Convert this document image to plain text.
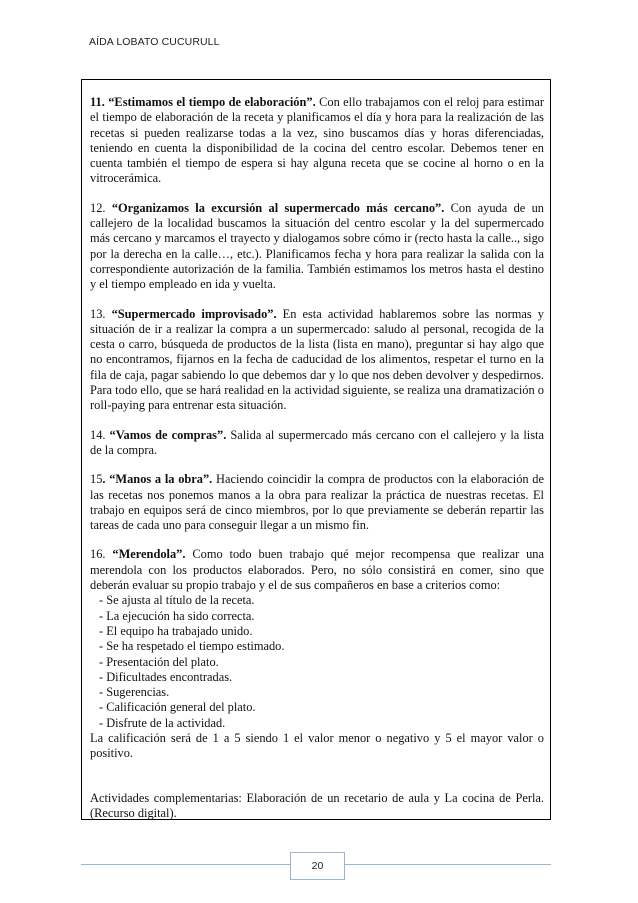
AÍDA LOBATO CUCURULL

11. “Estimamos el tiempo de elaboración”. Con ello trabajamos con el reloj para estimar el tiempo de elaboración de la receta y planificamos el día y hora para la realización de las recetas si pueden realizarse todas a la vez, sino buscamos días y horas diferenciadas, teniendo en cuenta la disponibilidad de la cocina del centro escolar. Debemos tener en cuenta también el tiempo de espera si hay alguna receta que se cocine al horno o en la vitrocerámica.

12. “Organizamos la excursión al supermercado más cercano”. Con ayuda de un callejero de la localidad buscamos la situación del centro escolar y la del supermercado más cercano y marcamos el trayecto y dialogamos sobre cómo ir (recto hasta la calle.., sigo por la derecha en la calle…, etc.). Planificamos fecha y hora para realizar la salida con la correspondiente autorización de la familia. También estimamos los metros hasta el destino y el tiempo empleado en ida y vuelta.

13. “Supermercado improvisado”. En esta actividad hablaremos sobre las normas y situación de ir a realizar la compra a un supermercado: saludo al personal, recogida de la cesta o carro, búsqueda de productos de la lista (lista en mano), preguntar si hay algo que no encontramos, fijarnos en la fecha de caducidad de los alimentos, respetar el turno en la fila de caja, pagar sabiendo lo que debemos dar y lo que nos deben devolver y despedirnos. Para todo ello, que se hará realidad en la actividad siguiente, se realiza una dramatización o roll-paying para entrenar esta situación.

14. “Vamos de compras”. Salida al supermercado más cercano con el callejero y la lista de la compra.

15. “Manos a la obra”. Haciendo coincidir la compra de productos con la elaboración de las recetas nos ponemos manos a la obra para realizar la práctica de nuestras recetas. El trabajo en equipos será de cinco miembros, por lo que previamente se deberán repartir las tareas de cada uno para conseguir llegar a un mismo fin.

16. “Merendola”. Como todo buen trabajo qué mejor recompensa que realizar una merendola con los productos elaborados. Pero, no sólo consistirá en comer, sino que deberán evaluar su propio trabajo y el de sus compañeros en base a criterios como:

- Se ajusta al título de la receta.
- La ejecución ha sido correcta.
- El equipo ha trabajado unido.
- Se ha respetado el tiempo estimado.
- Presentación del plato.
- Dificultades encontradas.
- Sugerencias.
- Calificación general del plato.
- Disfrute de la actividad.

La calificación será de 1 a 5 siendo 1 el valor menor o negativo y 5 el mayor valor o positivo.

Actividades complementarias: Elaboración de un recetario de aula y La cocina de Perla. (Recurso digital).

20
